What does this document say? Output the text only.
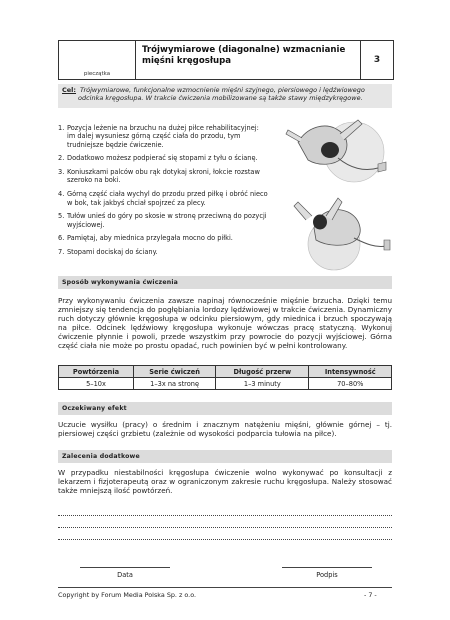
pieczątka
Trójwymiarowe (diagonalne) wzmacnianie mięśni kręgosłupa	3
Cel: Trójwymiarowe, funkcjonalne wzmocnienie mięśni szyjnego, piersiowego i lędźwiowego
odcinka kręgosłupa. W trakcie ćwiczenia mobilizowane są także stawy międzykręgowe.
1. Pozycja leżenie na brzuchu na dużej piłce rehabilitacyjnej: im dalej wysuniesz górną część ciała do przodu, tym trudniejsze będzie ćwiczenie.
2. Dodatkowo możesz podpierać się stopami z tyłu o ścianę.
3. Koniuszkami palców obu rąk dotykaj skroni, łokcie rozstaw szeroko na boki.
4. Górną część ciała wychyl do przodu przed piłkę i obróć nieco w bok, tak jakbyś chciał spojrzeć za plecy.
5. Tułów unieś do góry po skosie w stronę przeciwną do pozycji wyjściowej.
6. Pamiętaj, aby miednica przylegała mocno do piłki.
7. Stopami dociskaj do ściany.
Sposób wykonywania ćwiczenia

Przy wykonywaniu ćwiczenia zawsze napinaj równocześnie mięśnie brzucha. Dzięki temu zmniejszy się tendencja do pogłębiania lordozy lędźwiowej w trakcie ćwiczenia. Dynamiczny ruch dotyczy głównie kręgosłupa w odcinku piersiowym, gdy miednica i brzuch spoczywają na piłce. Odcinek lędźwiowy kręgosłupa wykonuje wówczas pracę statyczną. Wykonuj ćwiczenie płynnie i powoli, przede wszystkim przy powrocie do pozycji wyjściowej. Górna część ciała nie może po prostu opadać, ruch powinien być w pełni kontrolowany.

Powtórzenia	Serie ćwiczeń	Długość przerw	Intensywność
5–10x	1–3x na stronę	1–3 minuty	70–80%
Oczekiwany efekt

Uczucie wysiłku (pracy) o średnim i znacznym natężeniu mięśni, głównie górnej – tj. piersiowej części grzbietu (zależnie od wysokości podparcia tułowia na piłce).

Zalecenia dodatkowe

W przypadku niestabilności kręgosłupa ćwiczenie wolno wykonywać po konsultacji z lekarzem i fizjoterapeutą oraz w ograniczonym zakresie ruchu kręgosłupa. Należy stosować także mniejszą ilość powtórzeń.

Data	Podpis
Copyright by Forum Media Polska Sp. z o.o.	- 7 -
